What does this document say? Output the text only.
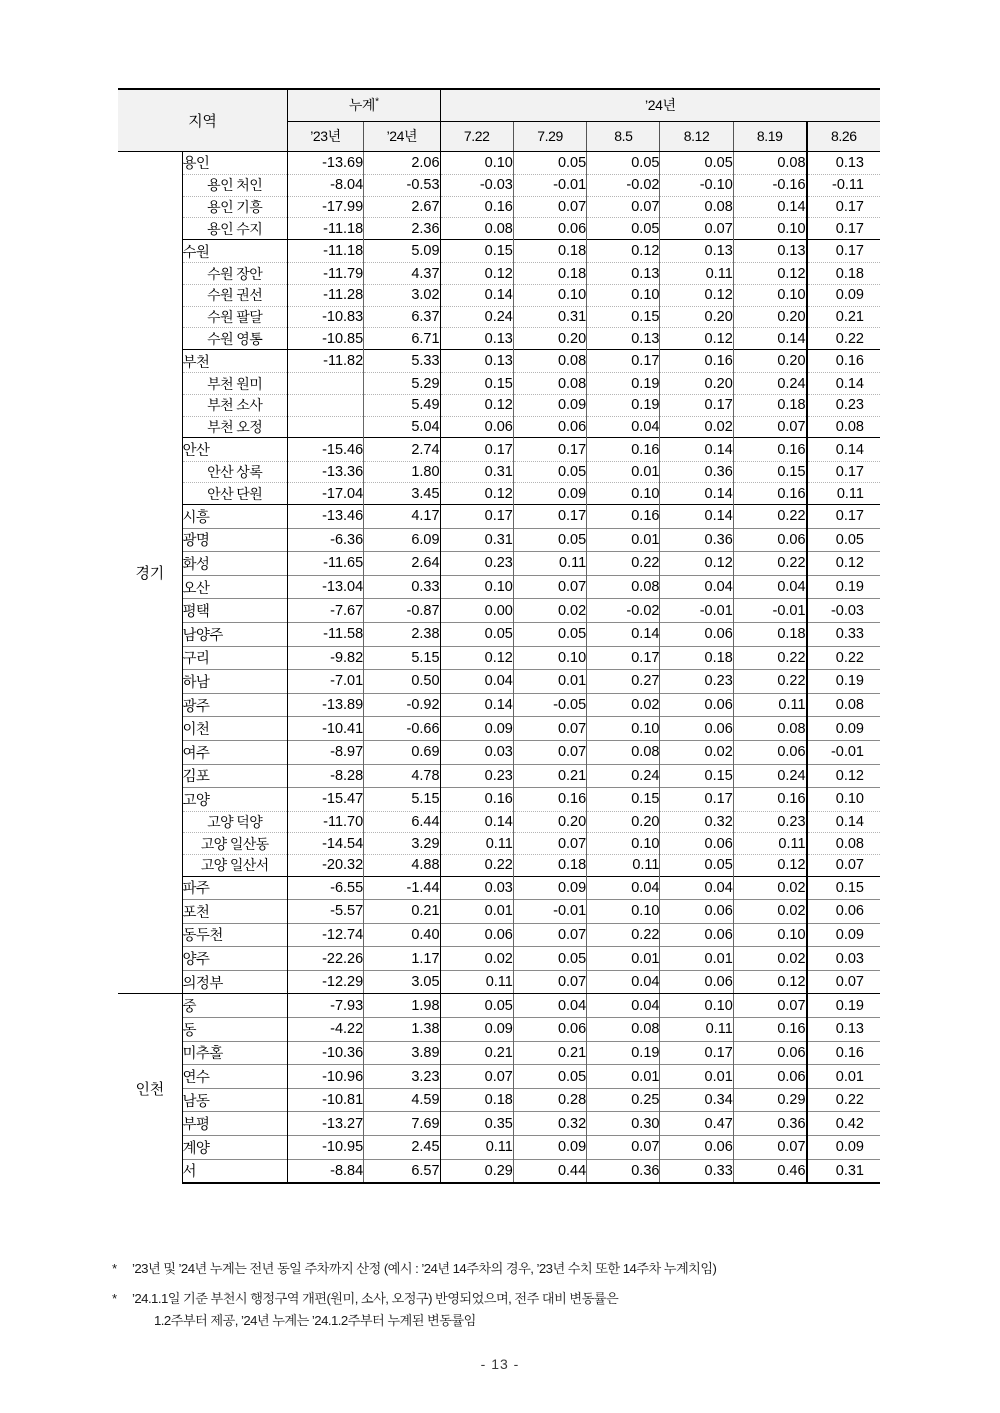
지역		누계*		’24년					
		’23년	’24년	7.22	7.29	8.5	8.12	8.19	8.26
경기	용인	-13.69	2.06	0.10	0.05	0.05	0.05	0.08	0.13
	용인 처인	-8.04	-0.53	-0.03	-0.01	-0.02	-0.10	-0.16	-0.11
	용인 기흥	-17.99	2.67	0.16	0.07	0.07	0.08	0.14	0.17
	용인 수지	-11.18	2.36	0.08	0.06	0.05	0.07	0.10	0.17
	수원	-11.18	5.09	0.15	0.18	0.12	0.13	0.13	0.17
	수원 장안	-11.79	4.37	0.12	0.18	0.13	0.11	0.12	0.18
	수원 권선	-11.28	3.02	0.14	0.10	0.10	0.12	0.10	0.09
	수원 팔달	-10.83	6.37	0.24	0.31	0.15	0.20	0.20	0.21
	수원 영통	-10.85	6.71	0.13	0.20	0.13	0.12	0.14	0.22
	부천	-11.82	5.33	0.13	0.08	0.17	0.16	0.20	0.16
	부천 원미		5.29	0.15	0.08	0.19	0.20	0.24	0.14
	부천 소사		5.49	0.12	0.09	0.19	0.17	0.18	0.23
	부천 오정		5.04	0.06	0.06	0.04	0.02	0.07	0.08
	안산	-15.46	2.74	0.17	0.17	0.16	0.14	0.16	0.14
	안산 상록	-13.36	1.80	0.31	0.05	0.01	0.36	0.15	0.17
	안산 단원	-17.04	3.45	0.12	0.09	0.10	0.14	0.16	0.11
	시흥	-13.46	4.17	0.17	0.17	0.16	0.14	0.22	0.17
	광명	-6.36	6.09	0.31	0.05	0.01	0.36	0.06	0.05
	화성	-11.65	2.64	0.23	0.11	0.22	0.12	0.22	0.12
	오산	-13.04	0.33	0.10	0.07	0.08	0.04	0.04	0.19
	평택	-7.67	-0.87	0.00	0.02	-0.02	-0.01	-0.01	-0.03
	남양주	-11.58	2.38	0.05	0.05	0.14	0.06	0.18	0.33
	구리	-9.82	5.15	0.12	0.10	0.17	0.18	0.22	0.22
	하남	-7.01	0.50	0.04	0.01	0.27	0.23	0.22	0.19
	광주	-13.89	-0.92	0.14	-0.05	0.02	0.06	0.11	0.08
	이천	-10.41	-0.66	0.09	0.07	0.10	0.06	0.08	0.09
	여주	-8.97	0.69	0.03	0.07	0.08	0.02	0.06	-0.01
	김포	-8.28	4.78	0.23	0.21	0.24	0.15	0.24	0.12
	고양	-15.47	5.15	0.16	0.16	0.15	0.17	0.16	0.10
	고양 덕양	-11.70	6.44	0.14	0.20	0.20	0.32	0.23	0.14
	고양 일산동	-14.54	3.29	0.11	0.07	0.10	0.06	0.11	0.08
	고양 일산서	-20.32	4.88	0.22	0.18	0.11	0.05	0.12	0.07
	파주	-6.55	-1.44	0.03	0.09	0.04	0.04	0.02	0.15
	포천	-5.57	0.21	0.01	-0.01	0.10	0.06	0.02	0.06
	동두천	-12.74	0.40	0.06	0.07	0.22	0.06	0.10	0.09
	양주	-22.26	1.17	0.02	0.05	0.01	0.01	0.02	0.03
	의정부	-12.29	3.05	0.11	0.07	0.04	0.06	0.12	0.07
인천	중	-7.93	1.98	0.05	0.04	0.04	0.10	0.07	0.19
	동	-4.22	1.38	0.09	0.06	0.08	0.11	0.16	0.13
	미추홀	-10.36	3.89	0.21	0.21	0.19	0.17	0.06	0.16
	연수	-10.96	3.23	0.07	0.05	0.01	0.01	0.06	0.01
	남동	-10.81	4.59	0.18	0.28	0.25	0.34	0.29	0.22
	부평	-13.27	7.69	0.35	0.32	0.30	0.47	0.36	0.42
	계양	-10.95	2.45	0.11	0.09	0.07	0.06	0.07	0.09
	서	-8.84	6.57	0.29	0.44	0.36	0.33	0.46	0.31
*	’23년 및 ’24년 누계는 전년 동일 주차까지 산정 (예시 : ’24년 14주차의 경우, ’23년 수치 또한 14주차 누계치임)
*	’24.1.1일 기준 부천시 행정구역 개편(원미, 소사, 오정구) 반영되었으며, 전주 대비 변동률은
1.2주부터 제공, ’24년 누계는 ’24.1.2주부터 누계된 변동률임
- 13 -
